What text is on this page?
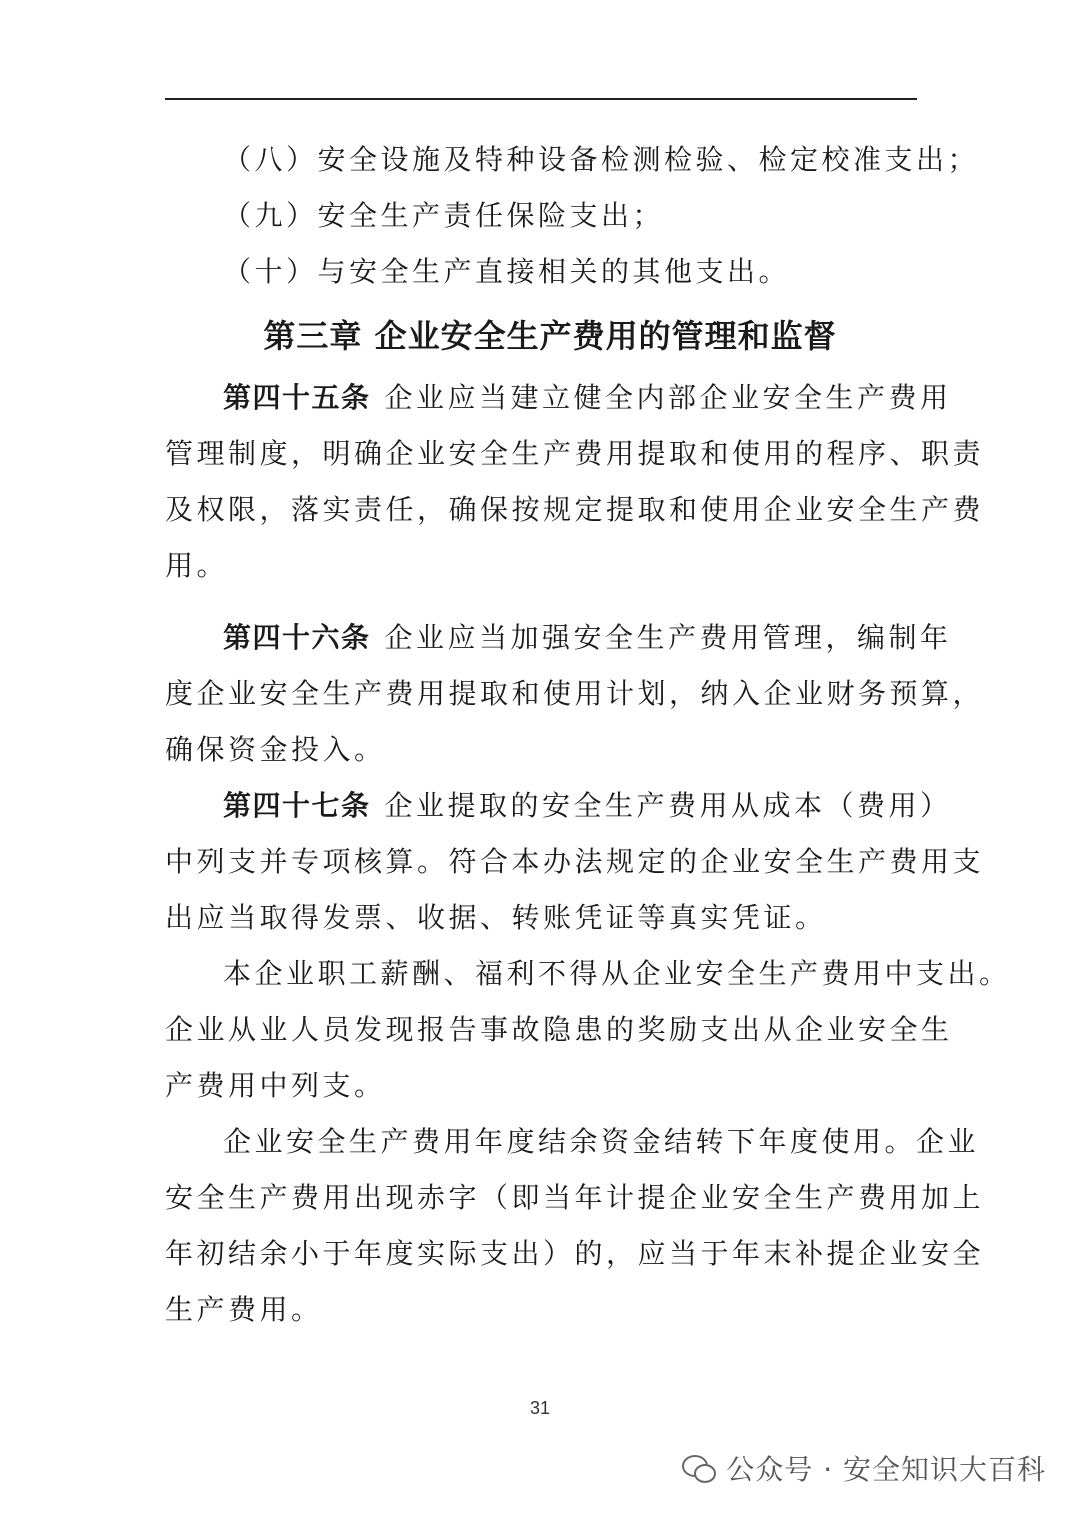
（八）安全设施及特种设备检测检验、检定校准支出；
（九）安全生产责任保险支出；
（十）与安全生产直接相关的其他支出。
第三章 企业安全生产费用的管理和监督
第四十五条 企业应当建立健全内部企业安全生产费用
管理制度，明确企业安全生产费用提取和使用的程序、职责
及权限，落实责任，确保按规定提取和使用企业安全生产费
用。
第四十六条 企业应当加强安全生产费用管理，编制年
度企业安全生产费用提取和使用计划，纳入企业财务预算，
确保资金投入。
第四十七条 企业提取的安全生产费用从成本（费用）
中列支并专项核算。符合本办法规定的企业安全生产费用支
出应当取得发票、收据、转账凭证等真实凭证。
本企业职工薪酬、福利不得从企业安全生产费用中支出。
企业从业人员发现报告事故隐患的奖励支出从企业安全生
产费用中列支。
企业安全生产费用年度结余资金结转下年度使用。企业
安全生产费用出现赤字（即当年计提企业安全生产费用加上
年初结余小于年度实际支出）的，应当于年末补提企业安全
生产费用。
31
公众号 · 安全知识大百科
